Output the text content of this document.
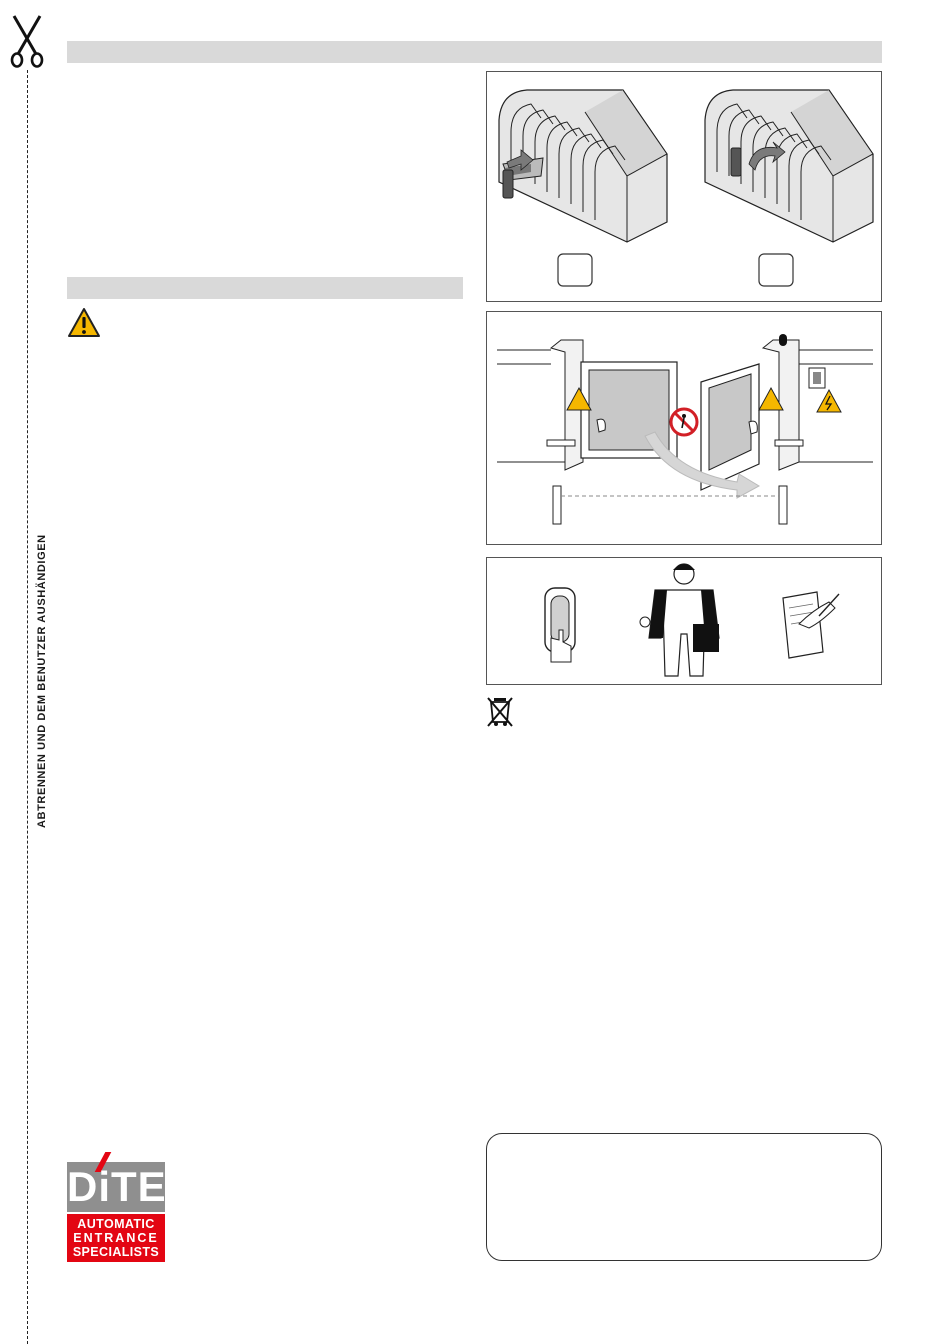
ABTRENNEN UND DEM BENUTZER AUSHÄNDIGEN
DiTEC
AUTOMATIC
ENTRANCE
SPECIALISTS
